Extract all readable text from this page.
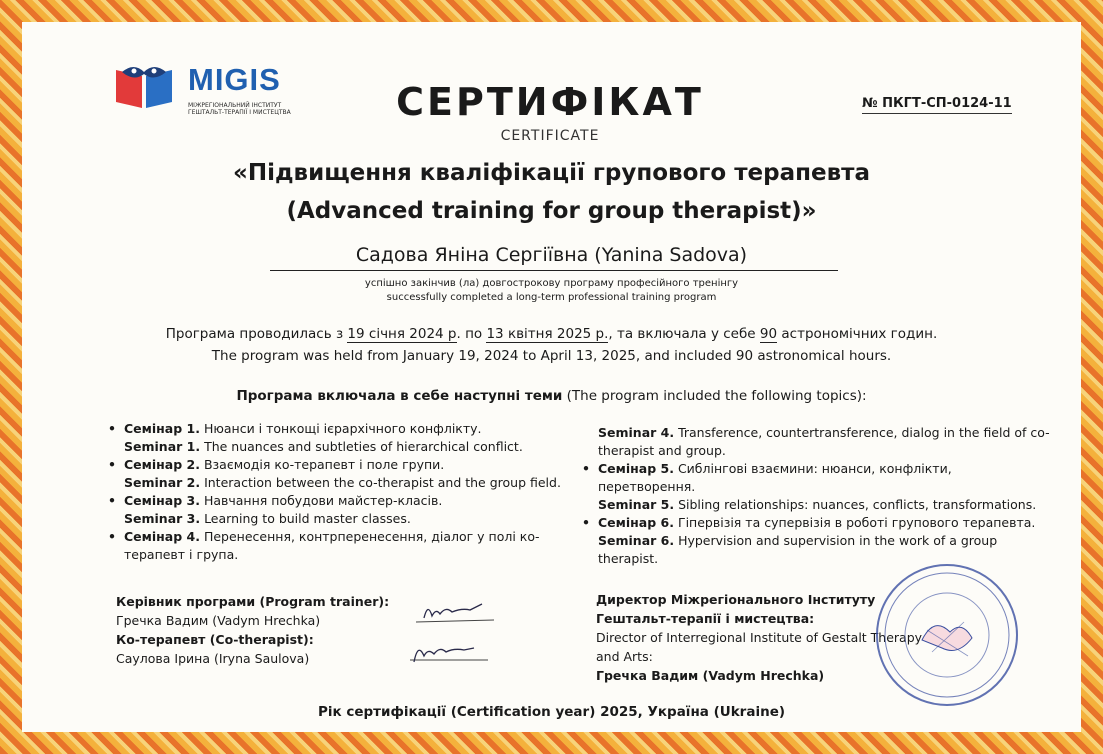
MIGIS
МІЖРЕГІОНАЛЬНИЙ ІНСТИТУТ ГЕШТАЛЬТ-ТЕРАПІЇ І МИСТЕЦТВА	СЕРТИФІКАТ
CERTIFICATE
№ ПКГТ-СП-0124-11
«Підвищення кваліфікації групового терапевта
(Advanced training for group therapist)»
Садова Яніна Сергіївна (Yanina Sadova)
успішно закінчив (ла) довгострокову програму професійного тренінгу
successfully completed a long-term professional training program
Програма проводилась з 19 січня 2024 р. по 13 квітня 2025 р., та включала у себе 90 астрономічних годин.
The program was held from January 19, 2024 to April 13, 2025, and included 90 astronomical hours.
Програма включала в себе наступні теми (The program included the following topics):
• Семінар 1. Нюанси і тонкощі ієрархічного конфлікту.
Seminar 1. The nuances and subtleties of hierarchical conflict.
• Семінар 2. Взаємодія ко-терапевт і поле групи.
Seminar 2. Interaction between the co-therapist and the group field.
• Семінар 3. Навчання побудови майстер-класів.
Seminar 3. Learning to build master classes.
• Семінар 4. Перенесення, контрперенесення, діалог у полі ко-терапевт і група.
Seminar 4. Transference, countertransference, dialog in the field of co-therapist and group.
• Семінар 5. Сиблінгові взаємини: нюанси, конфлікти, перетворення.
Seminar 5. Sibling relationships: nuances, conflicts, transformations.
• Семінар 6. Гіпервізія та супервізія в роботі групового терапевта.
Seminar 6. Hypervision and supervision in the work of a group therapist.
Керівник програми (Program trainer):
Гречка Вадим (Vadym Hrechka)
Ко-терапевт (Co-therapist):
Саулова Ірина (Iryna Saulova)
Директор Міжрегіонального Інституту
Гештальт-терапії і мистецтва:
Director of Interregional Institute of Gestalt Therapy and Arts:
Гречка Вадим (Vadym Hrechka)
Рік сертифікації (Certification year) 2025, Україна (Ukraine)
